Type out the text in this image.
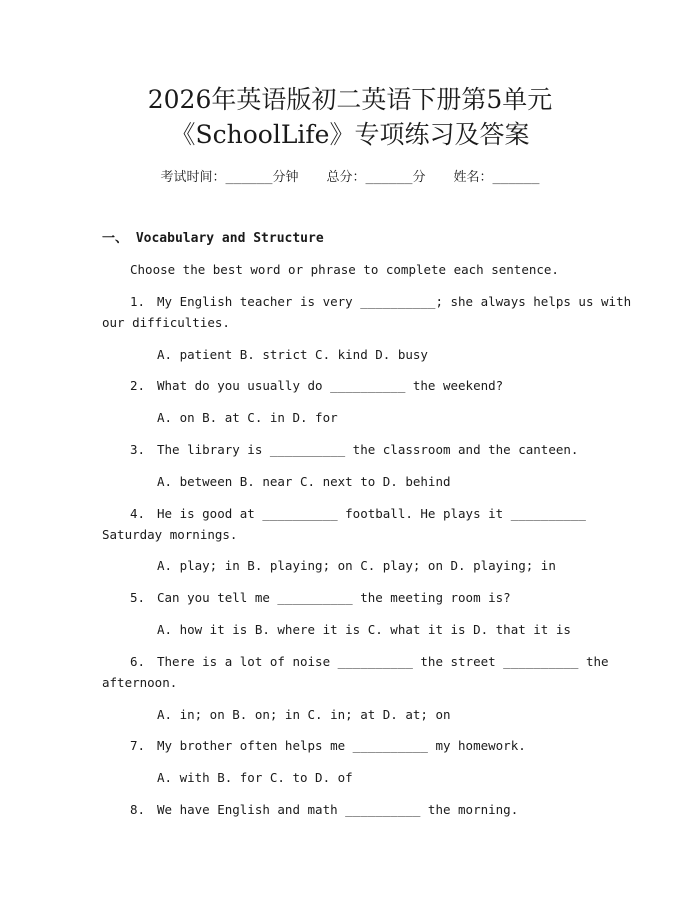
2026年英语版初二英语下册第5单元
《SchoolLife》专项练习及答案
考试时间：______分钟 总分：______分 姓名：______
一、 Vocabulary and Structure
Choose the best word or phrase to complete each sentence.
1. My English teacher is very __________; she always helps us with
our difficulties.
A. patient B. strict C. kind D. busy
2. What do you usually do __________ the weekend?
A. on B. at C. in D. for
3. The library is __________ the classroom and the canteen.
A. between B. near C. next to D. behind
4. He is good at __________ football. He plays it __________
Saturday mornings.
A. play; in B. playing; on C. play; on D. playing; in
5. Can you tell me __________ the meeting room is?
A. how it is B. where it is C. what it is D. that it is
6. There is a lot of noise __________ the street __________ the
afternoon.
A. in; on B. on; in C. in; at D. at; on
7. My brother often helps me __________ my homework.
A. with B. for C. to D. of
8. We have English and math __________ the morning.
